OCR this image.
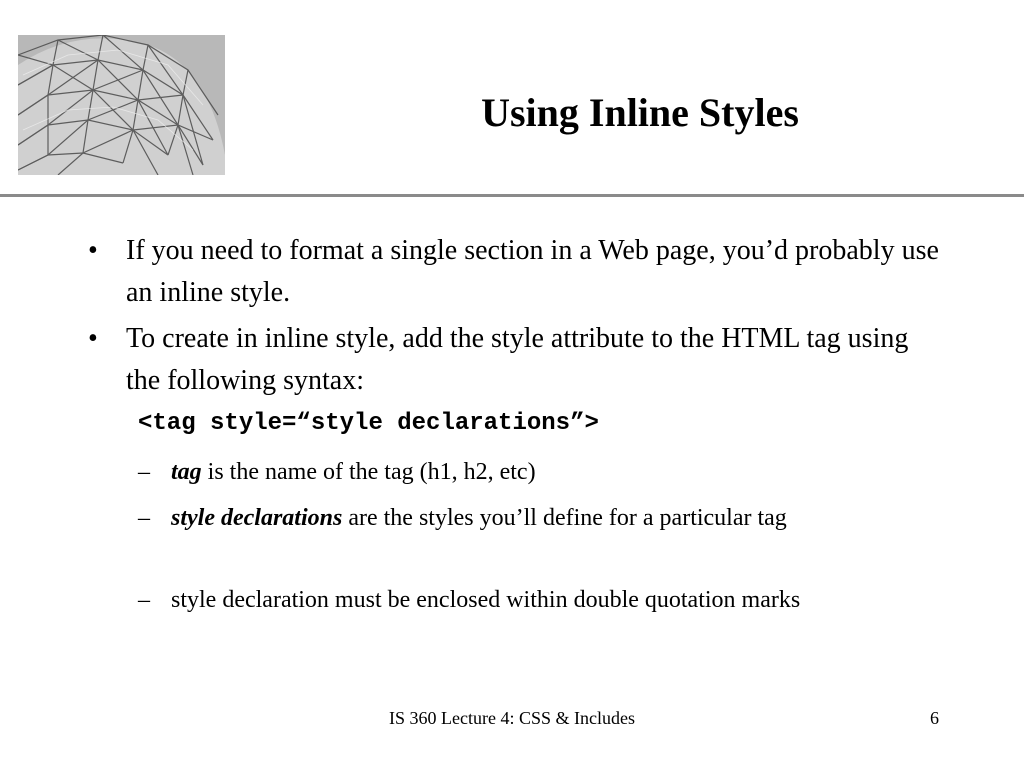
Using Inline Styles
• If you need to format a single section in a Web page, you’d probably use an inline style.
• To create in inline style, add the style attribute to the HTML tag using the following syntax:
<tag style=“style declarations”>
– tag is the name of the tag (h1, h2, etc)
– style declarations are the styles you’ll define for a particular tag
– style declaration must be enclosed within double quotation marks
IS 360 Lecture 4: CSS & Includes	6
